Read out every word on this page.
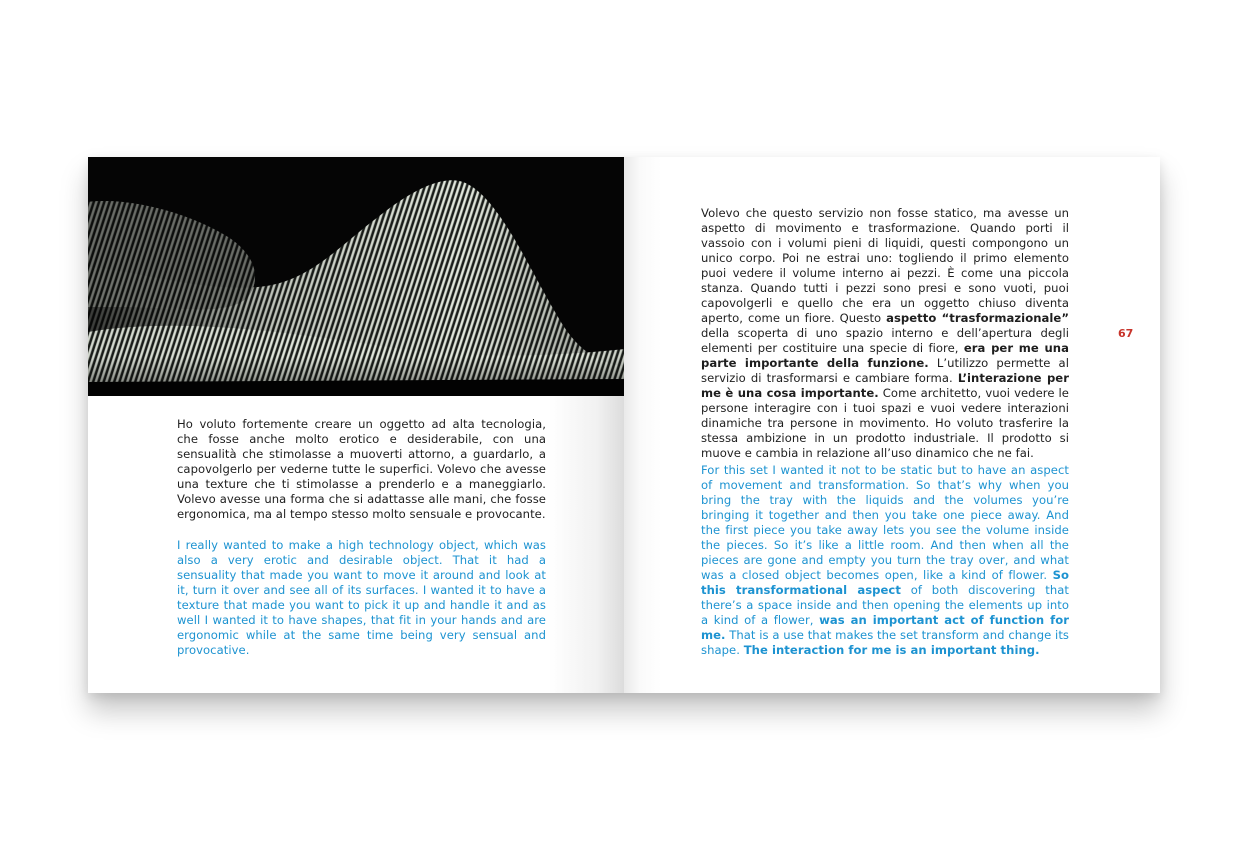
Ho voluto fortemente creare un oggetto ad alta tecnologia, che fosse anche molto erotico e desiderabile, con una sensualità che stimolasse a muoverti attorno, a guardarlo, a capovolgerlo per vederne tutte le superfici. Volevo che avesse una texture che ti stimolasse a prenderlo e a maneggiarlo. Volevo avesse una forma che si adattasse alle mani, che fosse ergonomica, ma al tempo stesso molto sensuale e provocante.

I really wanted to make a high technology object, which was also a very erotic and desirable object. That it had a sensuality that made you want to move it around and look at it, turn it over and see all of its surfaces. I wanted it to have a texture that made you want to pick it up and handle it and as well I wanted it to have shapes, that fit in your hands and are ergonomic while at the same time being very sensual and provocative.

Volevo che questo servizio non fosse statico, ma avesse un aspetto di movimento e trasformazione. Quando porti il vassoio con i volumi pieni di liquidi, questi compongono un unico corpo. Poi ne estrai uno: togliendo il primo elemento puoi vedere il volume interno ai pezzi. È come una piccola stanza. Quando tutti i pezzi sono presi e sono vuoti, puoi capovolgerli e quello che era un oggetto chiuso diventa aperto, come un fiore. Questo aspetto “trasformazionale” della scoperta di uno spazio interno e dell’apertura degli elementi per costituire una specie di fiore, era per me una parte importante della funzione. L’utilizzo permette al servizio di trasformarsi e cambiare forma. L’interazione per me è una cosa importante. Come architetto, vuoi vedere le persone interagire con i tuoi spazi e vuoi vedere interazioni dinamiche tra persone in movimento. Ho voluto trasferire la stessa ambizione in un prodotto industriale. Il prodotto si muove e cambia in relazione all’uso dinamico che ne fai.

For this set I wanted it not to be static but to have an aspect of movement and transformation. So that’s why when you bring the tray with the liquids and the volumes you’re bringing it together and then you take one piece away. And the first piece you take away lets you see the volume inside the pieces. So it’s like a little room. And then when all the pieces are gone and empty you turn the tray over, and what was a closed object becomes open, like a kind of flower. So this transformational aspect of both discovering that there’s a space inside and then opening the elements up into a kind of a flower, was an important act of function for me. That is a use that makes the set transform and change its shape. The interaction for me is an important thing.

67
